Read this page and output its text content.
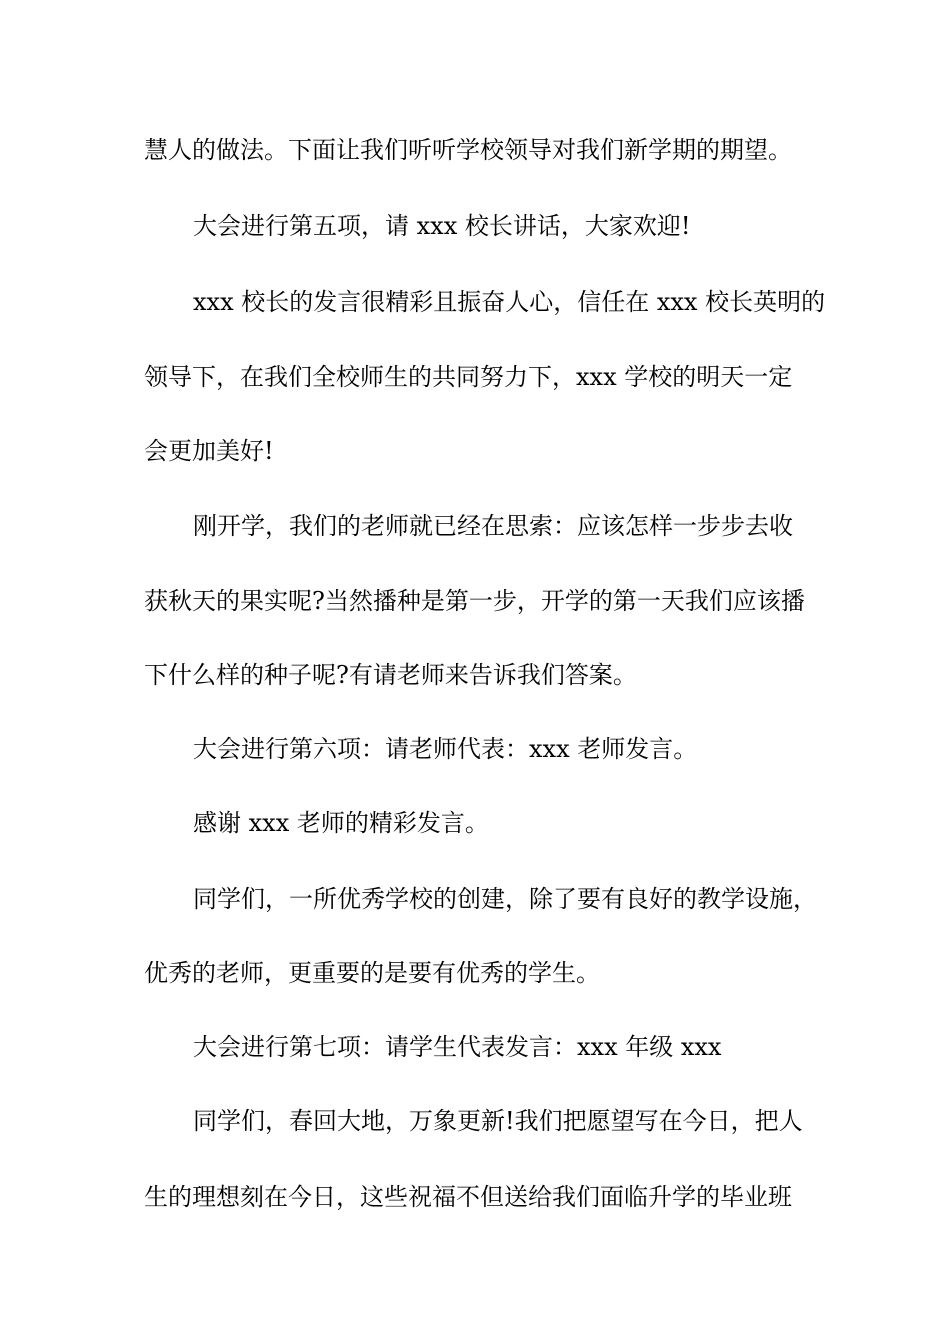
慧人的做法。下面让我们听听学校领导对我们新学期的期望。
大会进行第五项，请 xxx 校长讲话，大家欢迎!
xxx 校长的发言很精彩且振奋人心，信任在 xxx 校长英明的
领导下，在我们全校师生的共同努力下，xxx 学校的明天一定
会更加美好!
刚开学，我们的老师就已经在思索：应该怎样一步步去收
获秋天的果实呢?当然播种是第一步，开学的第一天我们应该播
下什么样的种子呢?有请老师来告诉我们答案。
大会进行第六项：请老师代表：xxx 老师发言。
感谢 xxx 老师的精彩发言。
同学们，一所优秀学校的创建，除了要有良好的教学设施，
优秀的老师，更重要的是要有优秀的学生。
大会进行第七项：请学生代表发言：xxx 年级 xxx
同学们，春回大地，万象更新!我们把愿望写在今日，把人
生的理想刻在今日，这些祝福不但送给我们面临升学的毕业班
